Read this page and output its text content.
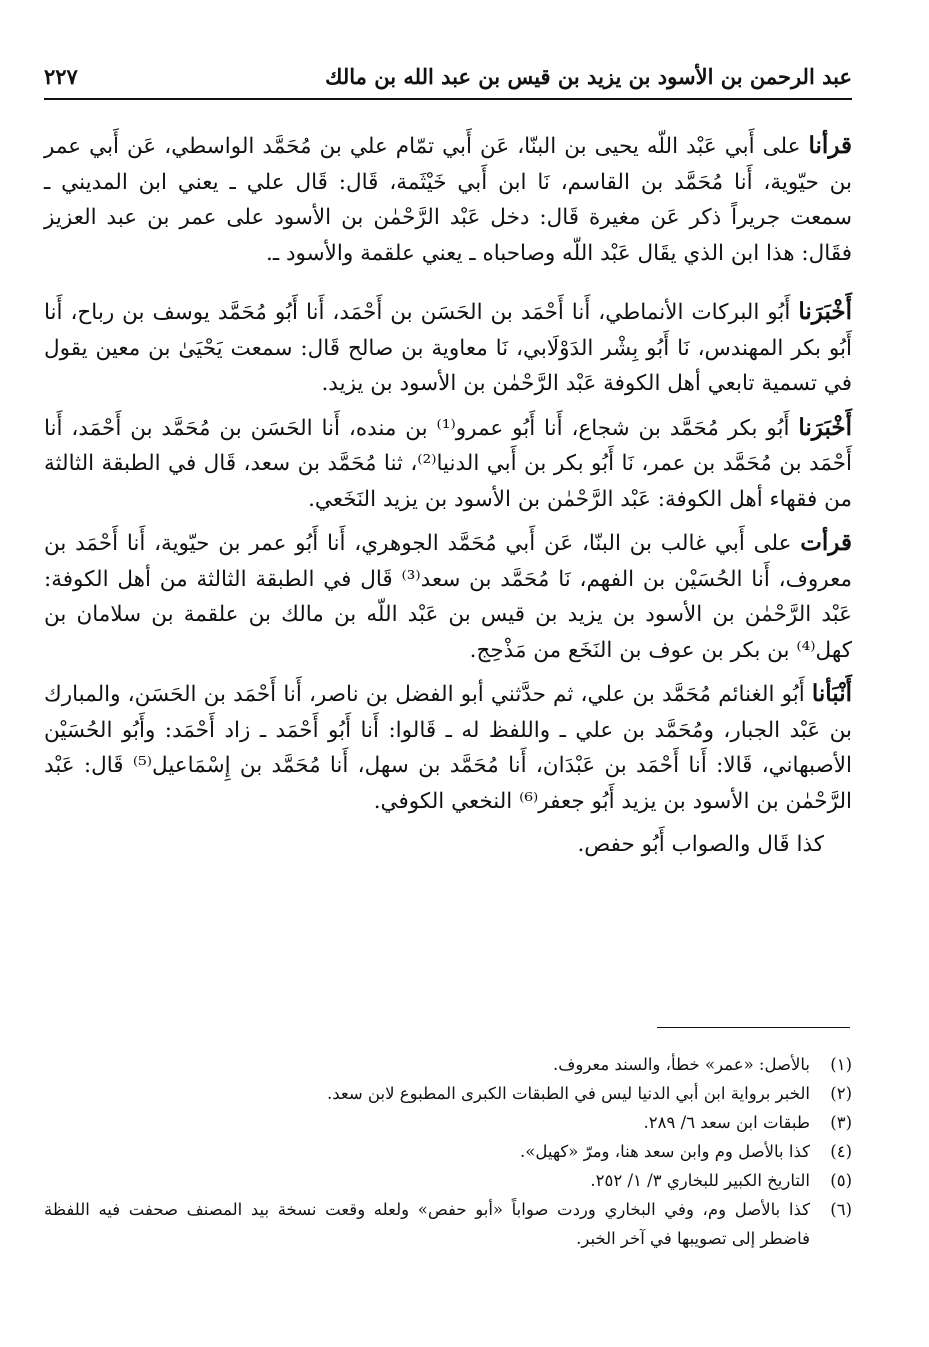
عبد الرحمن بن الأسود بن يزيد بن قيس بن عبد الله بن مالك
٢٢٧

قرأنا على أَبي عَبْد اللّه يحيى بن البنّا، عَن أَبي تمّام علي بن مُحَمَّد الواسطي، عَن أَبي عمر بن حيّوية، أَنا مُحَمَّد بن القاسم، نَا ابن أَبي خَيْثَمة، قَال: قَال علي ـ يعني ابن المديني ـ سمعت جريراً ذكر عَن مغيرة قَال: دخل عَبْد الرَّحْمٰن بن الأسود على عمر بن عبد العزيز فقَال: هذا ابن الذي يقَال عَبْد اللّه وصاحباه ـ يعني علقمة والأسود ـ.

أَخْبَرَنا أَبُو البركات الأنماطي، أَنا أَحْمَد بن الحَسَن بن أَحْمَد، أَنا أَبُو مُحَمَّد يوسف بن رباح، أَنا أَبُو بكر المهندس، نَا أَبُو بِشْر الدَوْلَابي، نَا معاوية بن صالح قَال: سمعت يَحْيَىٰ بن معين يقول في تسمية تابعي أهل الكوفة عَبْد الرَّحْمٰن بن الأسود بن يزيد.

أَخْبَرَنا أَبُو بكر مُحَمَّد بن شجاع، أَنا أَبُو عمرو⁽¹⁾ بن منده، أَنا الحَسَن بن مُحَمَّد بن أَحْمَد، أَنا أَحْمَد بن مُحَمَّد بن عمر، نَا أَبُو بكر بن أَبي الدنيا⁽²⁾، ثنا مُحَمَّد بن سعد، قَال في الطبقة الثالثة من فقهاء أهل الكوفة: عَبْد الرَّحْمٰن بن الأسود بن يزيد النَخَعي.

قرأت على أَبي غالب بن البنّا، عَن أَبي مُحَمَّد الجوهري، أَنا أَبُو عمر بن حيّوية، أَنا أَحْمَد بن معروف، أَنا الحُسَيْن بن الفهم، نَا مُحَمَّد بن سعد⁽³⁾ قَال في الطبقة الثالثة من أهل الكوفة: عَبْد الرَّحْمٰن بن الأسود بن يزيد بن قيس بن عَبْد اللّه بن مالك بن علقمة بن سلامان بن كهل⁽⁴⁾ بن بكر بن عوف بن النَخَع من مَذْحِج.

أَنْبَأنا أَبُو الغنائم مُحَمَّد بن علي، ثم حدَّثني أبو الفضل بن ناصر، أَنا أَحْمَد بن الحَسَن، والمبارك بن عَبْد الجبار، ومُحَمَّد بن علي ـ واللفظ له ـ قَالوا: أَنا أَبُو أَحْمَد ـ زاد أَحْمَد: وأَبُو الحُسَيْن الأصبهاني، قَالا: أَنا أَحْمَد بن عَبْدَان، أَنا مُحَمَّد بن سهل، أَنا مُحَمَّد بن إِسْمَاعيل⁽⁵⁾ قَال: عَبْد الرَّحْمٰن بن الأسود بن يزيد أَبُو جعفر⁽⁶⁾ النخعي الكوفي.

كذا قَال والصواب أَبُو حفص.

(١)
بالأصل: «عمر» خطأ، والسند معروف.
(٢)
الخبر برواية ابن أبي الدنيا ليس في الطبقات الكبرى المطبوع لابن سعد.
(٣)
طبقات ابن سعد ٦/ ٢٨٩.
(٤)
كذا بالأصل وم وابن سعد هنا، ومرّ «كهيل».
(٥)
التاريخ الكبير للبخاري ٣/ ١/ ٢٥٢.
(٦)
كذا بالأصل وم، وفي البخاري وردت صواباً «أبو حفص» ولعله وقعت نسخة بيد المصنف صحفت فيه اللفظة فاضطر إلى تصويبها في آخر الخبر.
